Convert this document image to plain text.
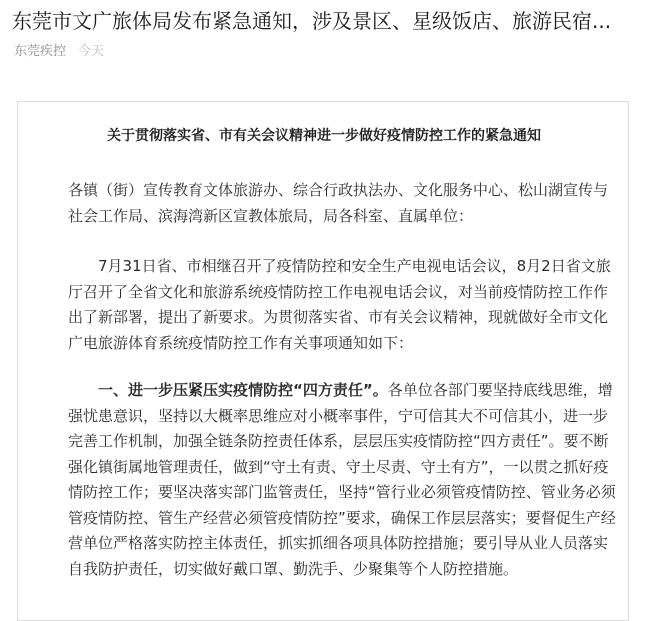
东莞市文广旅体局发布紧急通知，涉及景区、星级饭店、旅游民宿...
东莞疾控 今天
关于贯彻落实省、市有关会议精神进一步做好疫情防控工作的紧急通知

各镇（街）宣传教育文体旅游办、综合行政执法办、文化服务中心、松山湖宣传与社会工作局、滨海湾新区宣教体旅局，局各科室、直属单位：

7月31日省、市相继召开了疫情防控和安全生产电视电话会议，8月2日省文旅厅召开了全省文化和旅游系统疫情防控工作电视电话会议，对当前疫情防控工作作出了新部署，提出了新要求。为贯彻落实省、市有关会议精神，现就做好全市文化广电旅游体育系统疫情防控工作有关事项通知如下：

一、进一步压紧压实疫情防控“四方责任”。各单位各部门要坚持底线思维，增强忧患意识，坚持以大概率思维应对小概率事件，宁可信其大不可信其小，进一步完善工作机制，加强全链条防控责任体系，层层压实疫情防控“四方责任”。要不断强化镇街属地管理责任，做到“守土有责、守土尽责、守土有方”，一以贯之抓好疫情防控工作；要坚决落实部门监管责任，坚持“管行业必须管疫情防控、管业务必须管疫情防控、管生产经营必须管疫情防控”要求，确保工作层层落实；要督促生产经营单位严格落实防控主体责任，抓实抓细各项具体防控措施；要引导从业人员落实自我防护责任，切实做好戴口罩、勤洗手、少聚集等个人防控措施。
